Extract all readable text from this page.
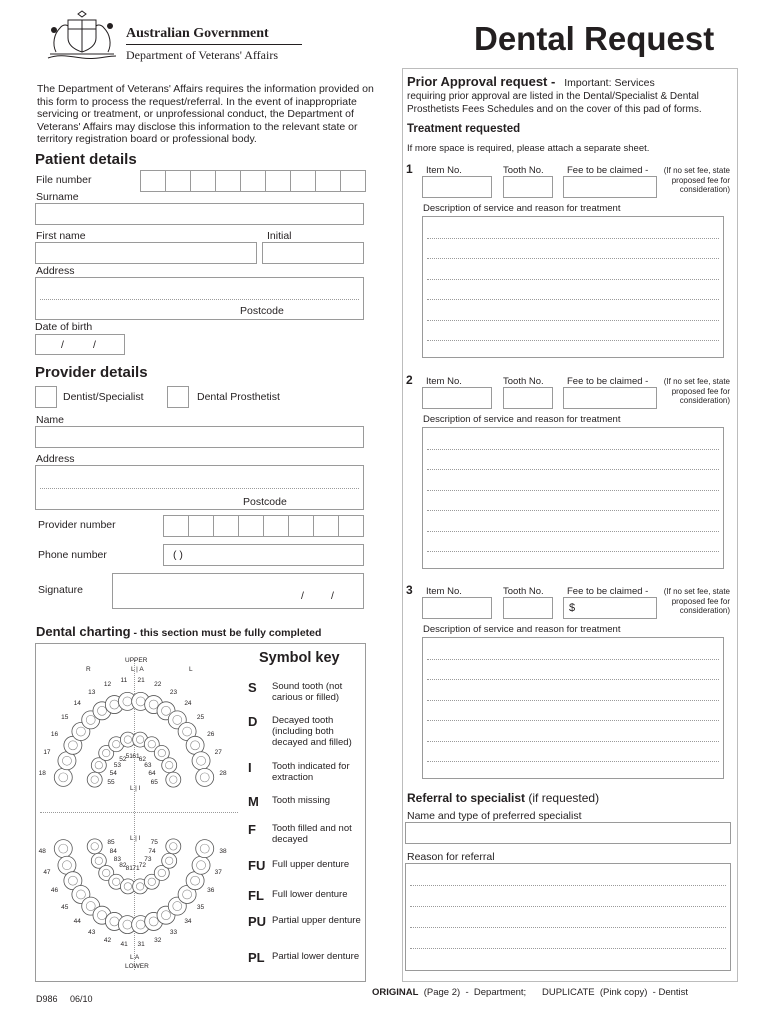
Australian Government
Department of Veterans' Affairs	Dental Request
The Department of Veterans' Affairs requires the information provided on this form to process the request/referral. In the event of inappropriate servicing or treatment, or unprofessional conduct, the Department of Veterans' Affairs may disclose this information to the relevant state or territory registration board or professional body.
Patient details
File number
Surname
First name	Initial
Address
Postcode
Date of birth
/	/
Provider details
Dentist/Specialist	Dental Prosthetist
Name
Address
Postcode
Provider number
Phone number	( )
Signature	/	/
Dental charting - this section must be fully completed
UPPER
L | A
R	L
L | I
L | I
L A
LOWER
18
17
16
15
14
13
12
11 21
22
23
24
25
26
27
28
55
54
53
52 51 61 62
63
64
65
48
47
46
45
44
43
42
41 31
32
33
34
35
36
37
38
85
84
83
82 81 71 72
73
74
75
Symbol key
S Sound tooth (not carious or filled)
D Decayed tooth (including both decayed and filled)
I Tooth indicated for extraction
M Tooth missing
F Tooth filled and not decayed
FU Full upper denture
FL Full lower denture
PU Partial upper denture
PL Partial lower denture
Prior Approval request - Important: Services
requiring prior approval are listed in the Dental/Specialist & Dental Prosthetists Fees Schedules and on the cover of this pad of forms.
Treatment requested
If more space is required, please attach a separate sheet.
1 Item No.	Tooth No. Fee to be claimed -	(If no set fee, state proposed fee for consideration)
Description of service and reason for treatment
2 Item No.	Tooth No. Fee to be claimed -	(If no set fee, state proposed fee for consideration)
Description of service and reason for treatment
3 Item No.	Tooth No. Fee to be claimed -	(If no set fee, state proposed fee for consideration)
$
Description of service and reason for treatment
Referral to specialist (if requested)
Name and type of preferred specialist
Reason for referral
D986 06/10
ORIGINAL  (Page 2)  -  Department;      DUPLICATE  (Pink copy)  - Dentist
